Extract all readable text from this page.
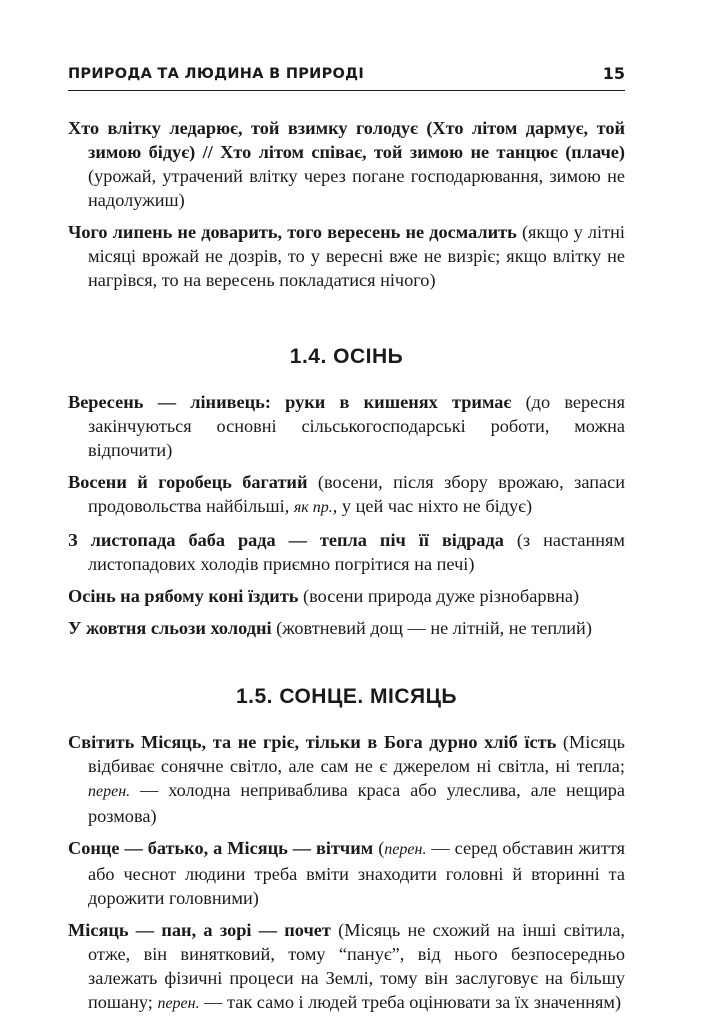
ПРИРОДА ТА ЛЮДИНА В ПРИРОДІ	15

Хто влітку ледарює, той взимку голодує (Хто літом дармує, той зимою бідує) // Хто літом співає, той зимою не танцює (плаче) (урожай, утрачений влітку через погане господарювання, зимою не надолужиш)

Чого липень не доварить, того вересень не досмалить (якщо у літні місяці врожай не дозрів, то у вересні вже не визріє; якщо влітку не нагрівся, то на вересень покладатися нічого)

1.4. ОСІНЬ

Вересень — лінивець: руки в кишенях тримає (до вересня закінчуються основні сільськогосподарські роботи, можна відпочити)

Восени й горобець багатий (восени, після збору врожаю, запаси продовольства найбільші, як пр., у цей час ніхто не бідує)

З листопада баба рада — тепла піч її відрада (з настанням листопадових холодів приємно погрітися на печі)

Осінь на рябому коні їздить (восени природа дуже різнобарвна)

У жовтня сльози холодні (жовтневий дощ — не літній, не теплий)

1.5. СОНЦЕ. МІСЯЦЬ

Світить Місяць, та не гріє, тільки в Бога дурно хліб їсть (Місяць відбиває сонячне світло, але сам не є джерелом ні світла, ні тепла; перен. — холодна неприваблива краса або улеслива, але нещира розмова)

Сонце — батько, а Місяць — вітчим (перен. — серед обставин життя або чеснот людини треба вміти знаходити головні й вторинні та дорожити головними)

Місяць — пан, а зорі — почет (Місяць не схожий на інші світила, отже, він винятковий, тому “панує”, від нього безпосередньо залежать фізичні процеси на Землі, тому він заслуговує на більшу пошану; перен. — так само і людей треба оцінювати за їх значенням)
